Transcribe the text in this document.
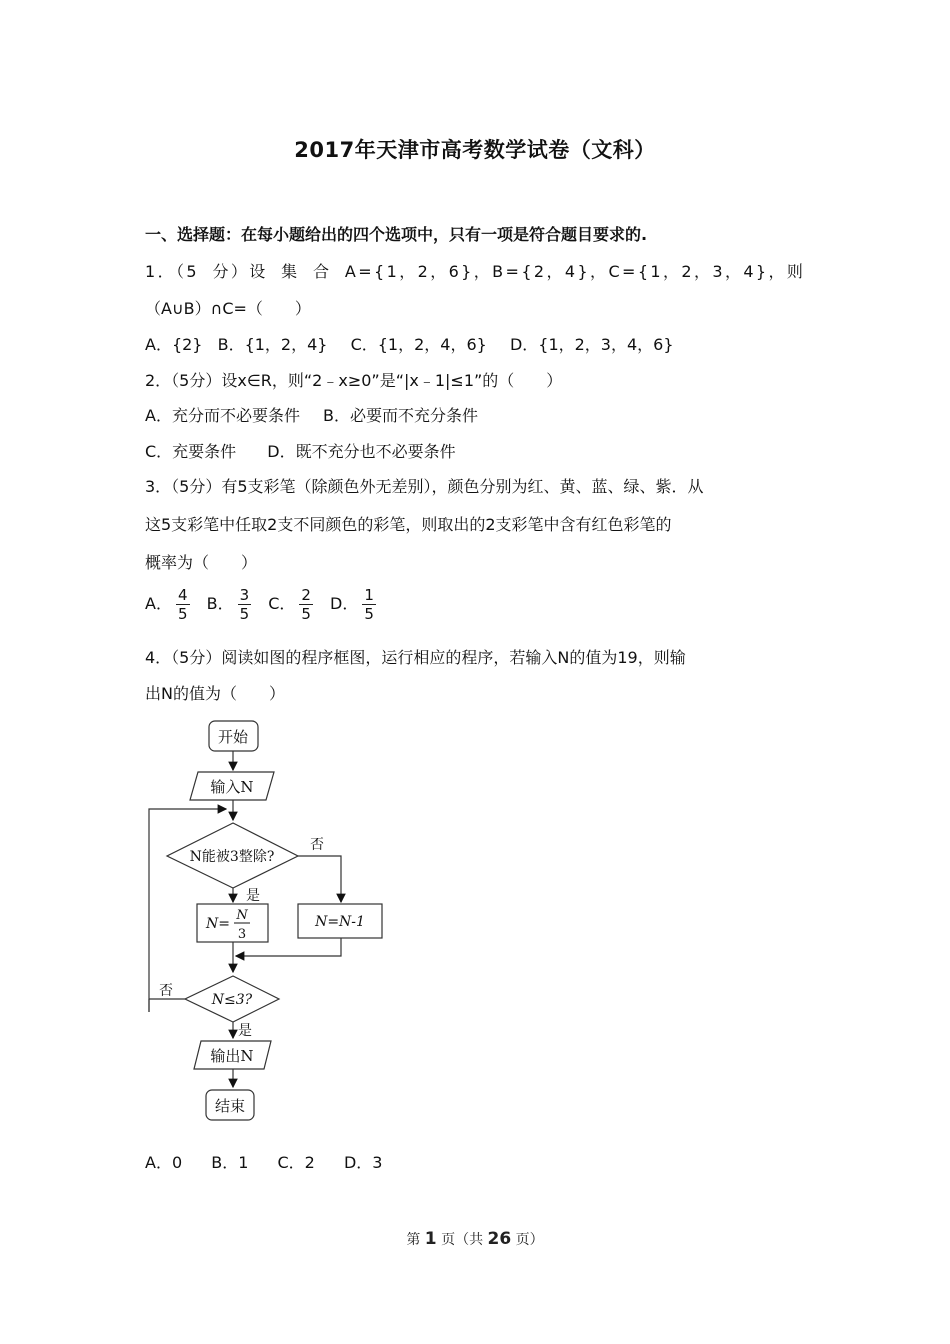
2017年天津市高考数学试卷（文科）
一、选择题：在每小题给出的四个选项中，只有一项是符合题目要求的.
1．（5 分）设 集 合 A={1，2，6}，B={2，4}，C={1，2，3，4}，则
（A∪B）∩C=（　　）
A．{2} B．{1，2，4} C．{1，2，4，6} D．{1，2，3，4，6}
2．（5分）设x∈R，则“2﹣x≥0”是“|x﹣1|≤1”的（　　）
A．充分而不必要条件 B．必要而不充分条件
C．充要条件 D．既不充分也不必要条件
3．（5分）有5支彩笔（除颜色外无差别），颜色分别为红、黄、蓝、绿、紫．从
这5支彩笔中任取2支不同颜色的彩笔，则取出的2支彩笔中含有红色彩笔的
概率为（　　）
A． $\frac{4}{5}$ B． $\frac{3}{5}$ C． $\frac{2}{5}$ D． $\frac{1}{5}$
4．（5分）阅读如图的程序框图，运行相应的程序，若输入N的值为19，则输
出N的值为（　　）
开始
输入N
N能被3整除?
否
是
N=
N
3
N=N-1
N≤3?
否
是
输出N
结束
A．0 B．1 C．2 D．3
第 1 页（共 26 页）
